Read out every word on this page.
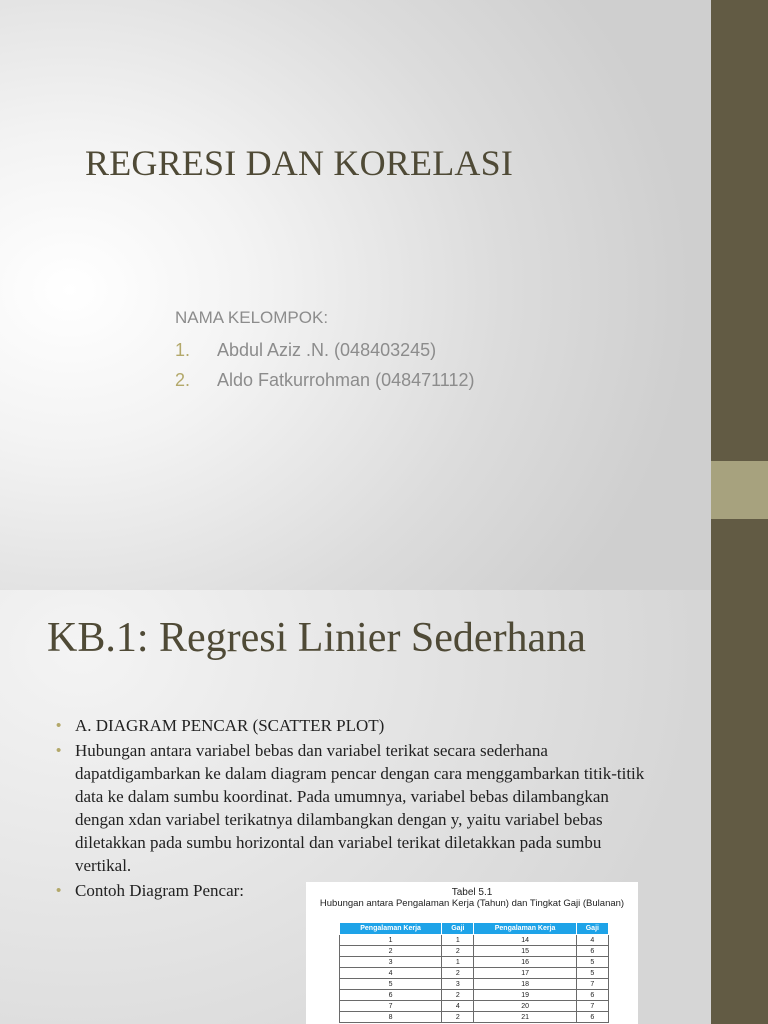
REGRESI DAN KORELASI
NAMA KELOMPOK:
1. Abdul Aziz .N. (048403245)
2. Aldo Fatkurrohman (048471112)
KB.1: Regresi Linier Sederhana
• A. DIAGRAM PENCAR (SCATTER PLOT)
• Hubungan antara variabel bebas dan variabel terikat secara sederhana dapatdigambarkan ke dalam diagram pencar dengan cara menggambarkan titik-titik data ke dalam sumbu koordinat. Pada umumnya, variabel bebas dilambangkan dengan xdan variabel terikatnya dilambangkan dengan y, yaitu variabel bebas diletakkan pada sumbu horizontal dan variabel terikat diletakkan pada sumbu vertikal.
• Contoh Diagram Pencar:	Tabel 5.1
Hubungan antara Pengalaman Kerja (Tahun) dan Tingkat Gaji (Bulanan)
Pengalaman Kerja	Gaji	Pengalaman Kerja	Gaji
1	1	14	4
2	2	15	6
3	1	16	5
4	2	17	5
5	3	18	7
6	2	19	6
7	4	20	7
8	2	21	6
